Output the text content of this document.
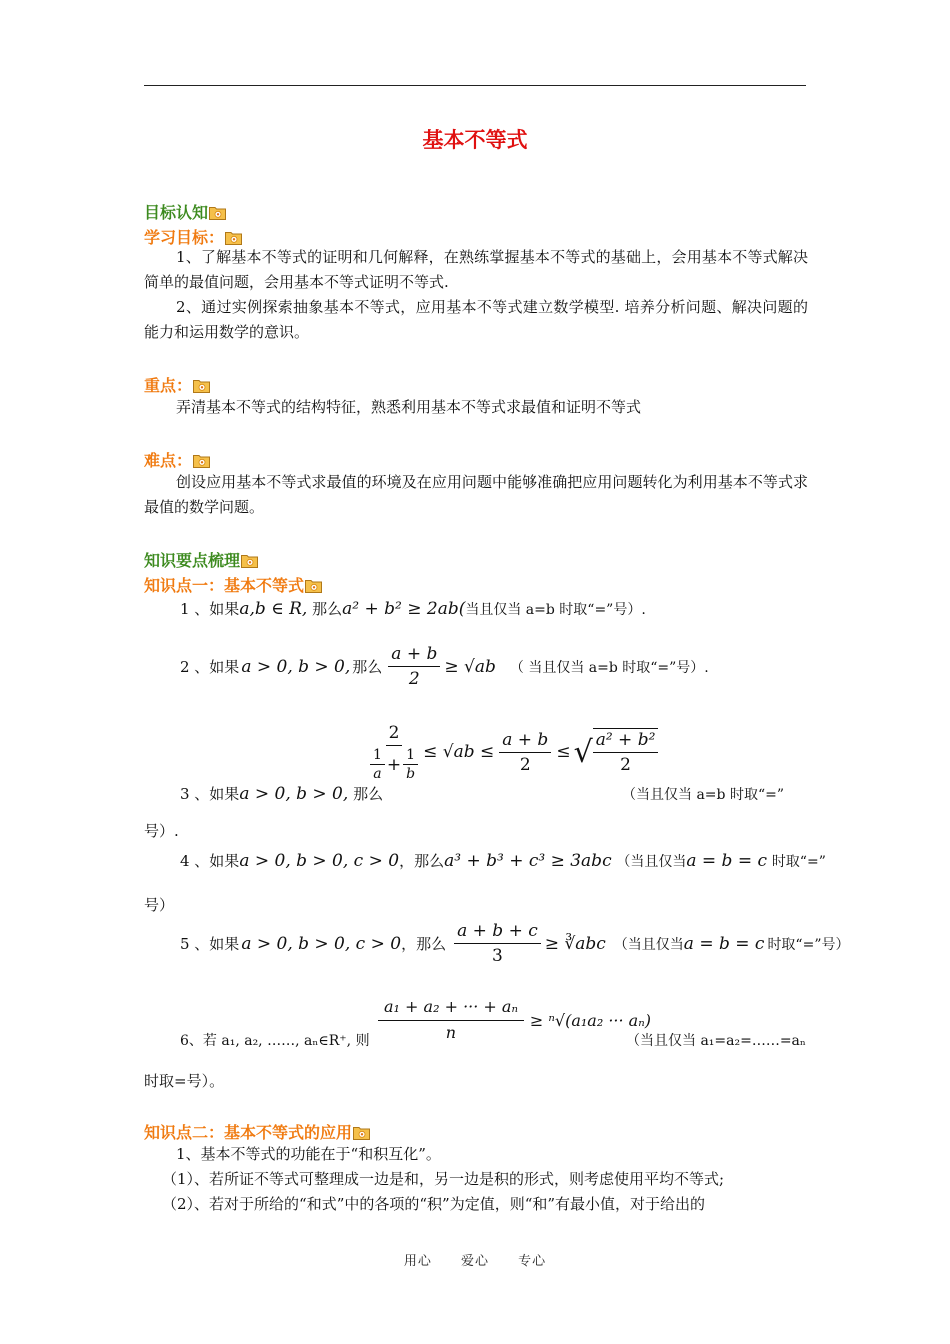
基本不等式
目标认知
学习目标：

1、了解基本不等式的证明和几何解释，在熟练掌握基本不等式的基础上，会用基本不等式解决简单的最值问题，会用基本不等式证明不等式.

2、通过实例探索抽象基本不等式，应用基本不等式建立数学模型. 培养分析问题、解决问题的能力和运用数学的意识。

重点：

弄清基本不等式的结构特征，熟悉利用基本不等式求最值和证明不等式

难点：

创设应用基本不等式求最值的环境及在应用问题中能够准确把应用问题转化为利用基本不等式求最值的数学问题。

知识要点梳理
知识点一：基本不等式
1 、如果a,b ∈ R, 那么a² + b² ≥ 2ab(当且仅当 a=b 时取“=”号）.
2 、如果 a > 0, b > 0, 那么 $\frac{a + b}{2} \ge √ab$ （ 当且仅当 a=b 时取“=”号）.
$\frac{2}{\frac{1}{a} + \frac{1}{b}} \le √ab \le \frac{a + b}{2}$ ≤ √ $\frac{\text{a² + b²}}{2}$
3 、如果a > 0, b > 0, 那么	（当且仅当 a=b 时取“=”
号）.
4 、如果a > 0, b > 0, c > 0，那么a³ + b³ + c³ ≥ 3abc （当且仅当a = b = c 时取“=”
号）
5 、如果 a > 0, b > 0, c > 0 ，那么 $\frac{a + b + c}{3}$ ≥ ∛abc （当且仅当 a = b = c 时取“=”号）
$\frac{\text{a₁ + a₂ + ··· + aₙ}}{n} \ge ^n√(a_1a_2$ ··· aₙ)
6、若 a₁, a₂, ……, aₙ∈R⁺, 则	（当且仅当 a₁=a₂=……=aₙ
时取=号）。
知识点二：基本不等式的应用

1、基本不等式的功能在于“和积互化”。

（1）、若所证不等式可整理成一边是和，另一边是积的形式，则考虑使用平均不等式;

（2）、若对于所给的“和式”中的各项的“积”为定值，则“和”有最小值，对于给出的

用心 爱心 专心
